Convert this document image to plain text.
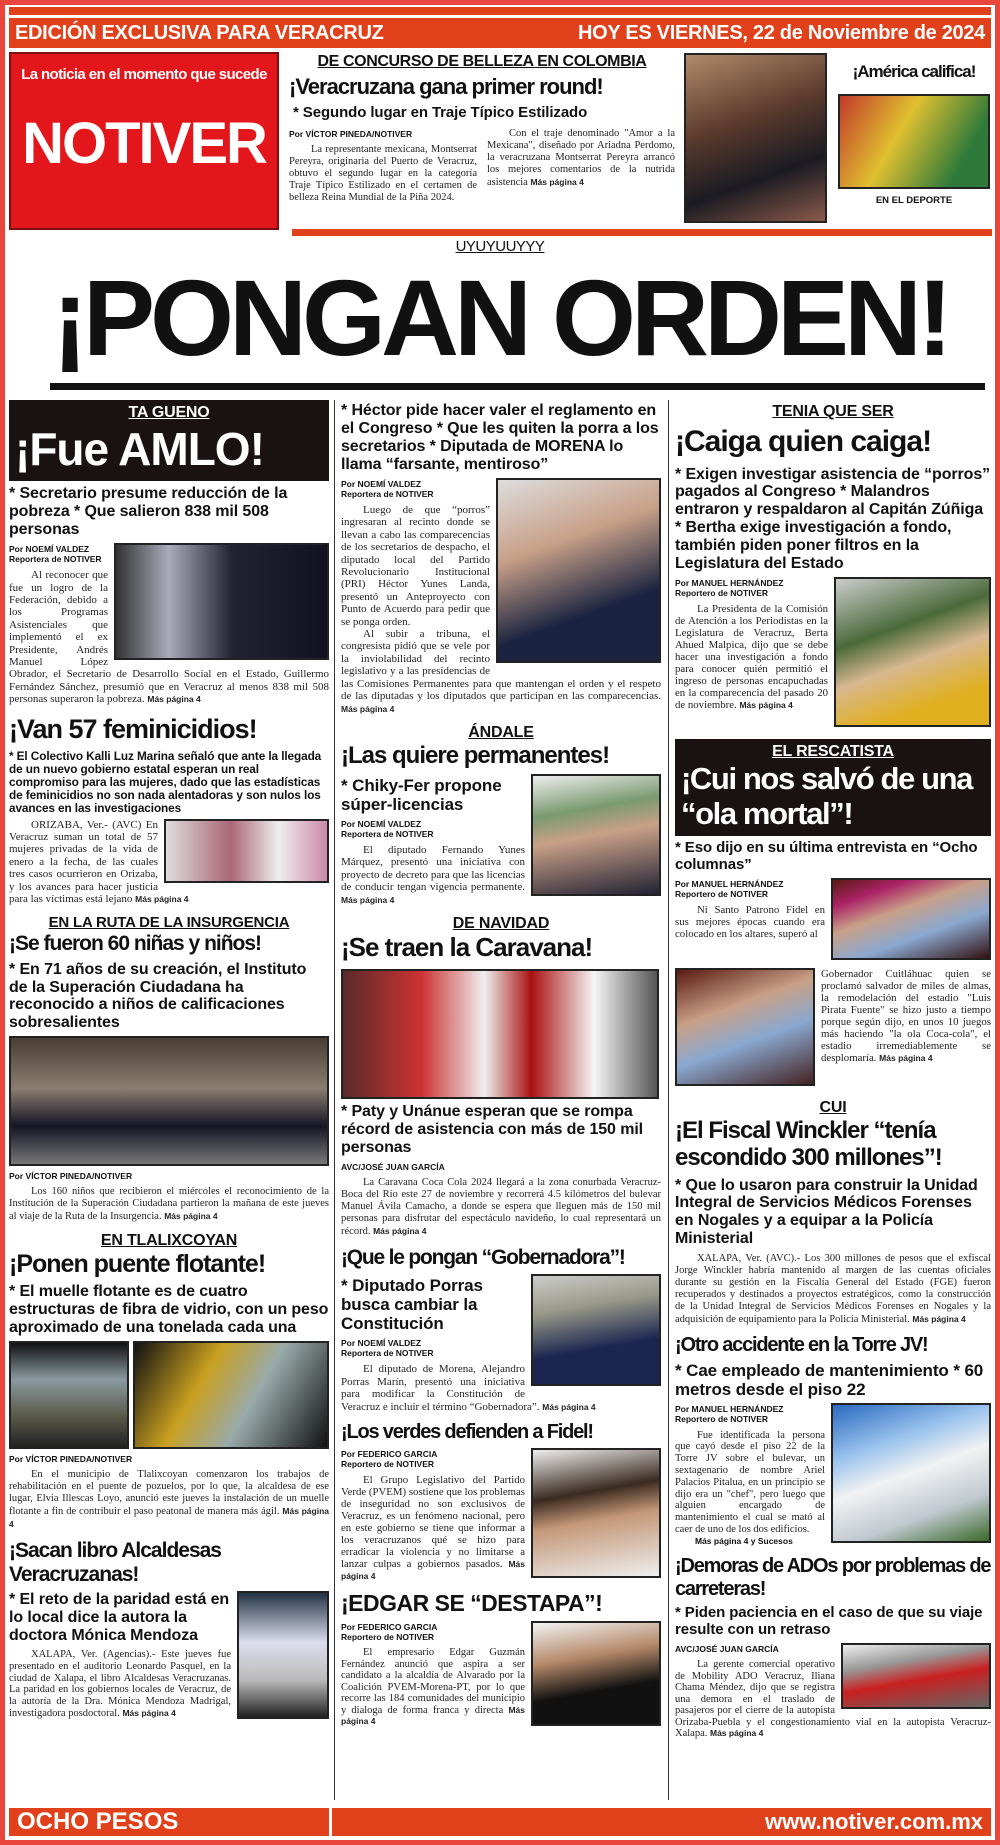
EDICIÓN EXCLUSIVA PARA VERACRUZ	HOY ES VIERNES, 22 de Noviembre de 2024
La noticia en el momento que sucede
NOTIVER
DE CONCURSO DE BELLEZA EN COLOMBIA
¡Veracruzana gana primer round!
* Segundo lugar en Traje Típico Estilizado
Por VÍCTOR PINEDA/NOTIVER

La representante mexicana, Montserrat Pereyra, originaria del Puerto de Veracruz, obtuvo el segundo lugar en la categoría Traje Típico Estilizado en el certamen de belleza Reina Mundial de la Piña 2024.

Con el traje denominado "Amor a la Mexicana", diseñado por Ariadna Perdomo, la veracruzana Montserrat Pereyra arrancó los mejores comentarios de la nutrida asistencia Más página 4

¡América califica!
EN EL DEPORTE
UYUYUUYYY
¡PONGAN ORDEN!
TA GUENO
¡Fue AMLO!
* Secretario presume reducción de la pobreza * Que salieron 838 mil 508 personas
Por NOEMÍ VALDEZ
Reportera de NOTIVER

Al reconocer que fue un logro de la Federación, debido a los Programas Asistenciales que implementó el ex Presidente, Andrés Manuel López Obrador, el Secretario de Desarrollo Social en el Estado, Guillermo Fernández Sánchez, presumió que en Veracruz al menos 838 mil 508 personas superaron la pobreza. Más página 4

¡Van 57 feminicidios!
* El Colectivo Kalli Luz Marina señaló que ante la llegada de un nuevo gobierno estatal esperan un real compromiso para las mujeres, dado que las estadísticas de feminicidios no son nada alentadoras y son nulos los avances en las investigaciones

ORIZABA, Ver.- (AVC) En Veracruz suman un total de 57 mujeres privadas de la vida de enero a la fecha, de las cuales tres casos ocurrieron en Orizaba, y los avances para hacer justicia para las víctimas está lejano Más página 4

EN LA RUTA DE LA INSURGENCIA
¡Se fueron 60 niñas y niños!
* En 71 años de su creación, el Instituto de la Superación Ciudadana ha reconocido a niños de calificaciones sobresalientes
Por VÍCTOR PINEDA/NOTIVER

Los 160 niños que recibieron el miércoles el reconocimiento de la Institución de la Superación Ciudadana partieron la mañana de este jueves al viaje de la Ruta de la Insurgencia. Más página 4

EN TLALIXCOYAN
¡Ponen puente flotante!
* El muelle flotante es de cuatro estructuras de fibra de vidrio, con un peso aproximado de una tonelada cada una
Por VÍCTOR PINEDA/NOTIVER

En el municipio de Tlalixcoyan comenzaron los trabajos de rehabilitación en el puente de pozuelos, por lo que, la alcaldesa de ese lugar, Elvia Illescas Loyo, anunció este jueves la instalación de un muelle flotante a fin de contribuir el paso peatonal de manera más ágil. Más página 4

¡Sacan libro Alcaldesas Veracruzanas!
* El reto de la paridad está en lo local dice la autora la doctora Mónica Mendoza

XALAPA, Ver. (Agencias).- Este jueves fue presentado en el auditorio Leonardo Pasquel, en la ciudad de Xalapa, el libro Alcaldesas Veracruzanas. La paridad en los gobiernos locales de Veracruz, de la autoría de la Dra. Mónica Mendoza Madrigal, investigadora posdoctoral. Más página 4

* Héctor pide hacer valer el reglamento en el Congreso * Que les quiten la porra a los secretarios * Diputada de MORENA lo llama “farsante, mentiroso”
Por NOEMÍ VALDEZ
Reportera de NOTIVER

Luego de que “porros” ingresaran al recinto donde se llevan a cabo las comparecencias de los secretarios de despacho, el diputado local del Partido Revolucionario Institucional (PRI) Héctor Yunes Landa, presentó un Anteproyecto con Punto de Acuerdo para pedir que se ponga orden.

Al subir a tribuna, el congresista pidió que se vele por la inviolabilidad del recinto legislativo y a las presidencias de las Comisiones Permanentes para que mantengan el orden y el respeto de las diputadas y los diputados que participan en las comparecencias. Más página 4

ÁNDALE
¡Las quiere permanentes!
* Chiky-Fer propone súper-licencias
Por NOEMÍ VALDEZ
Reportera de NOTIVER

El diputado Fernando Yunes Márquez, presentó una iniciativa con proyecto de decreto para que las licencias de conducir tengan vigencia permanente. Más página 4

DE NAVIDAD
¡Se traen la Caravana!
* Paty y Unánue esperan que se rompa récord de asistencia con más de 150 mil personas
AVC/JOSÉ JUAN GARCÍA

La Caravana Coca Cola 2024 llegará a la zona conurbada Veracruz-Boca del Río este 27 de noviembre y recorrerá 4.5 kilómetros del bulevar Manuel Ávila Camacho, a donde se espera que lleguen más de 150 mil personas para disfrutar del espectáculo navideño, lo cual representará un récord. Más página 4

¡Que le pongan “Gobernadora”!
* Diputado Porras busca cambiar la Constitución
Por NOEMÍ VALDEZ
Reportera de NOTIVER

El diputado de Morena, Alejandro Porras Marín, presentó una iniciativa para modificar la Constitución de Veracruz e incluir el término “Gobernadora”. Más página 4

¡Los verdes defienden a Fidel!
Por FEDERICO GARCIA
Reportero de NOTIVER

El Grupo Legislativo del Partido Verde (PVEM) sostiene que los problemas de inseguridad no son exclusivos de Veracruz, es un fenómeno nacional, pero en este gobierno se tiene que informar a los veracruzanos qué se hizo para erradicar la violencia y no limitarse a lanzar culpas a gobiernos pasados. Más página 4

¡EDGAR SE “DESTAPA”!
Por FEDERICO GARCIA
Reportero de NOTIVER

El empresario Edgar Guzmán Fernández anunció que aspira a ser candidato a la alcaldía de Alvarado por la Coalición PVEM-Morena-PT, por lo que recorre las 184 comunidades del municipio y dialoga de forma franca y directa Más página 4

TENIA QUE SER
¡Caiga quien caiga!
* Exigen investigar asistencia de “porros” pagados al Congreso * Malandros entraron y respaldaron al Capitán Zúñiga * Bertha exige investigación a fondo, también piden poner filtros en la Legislatura del Estado
Por MANUEL HERNÁNDEZ
Reportero de NOTIVER

La Presidenta de la Comisión de Atención a los Periodistas en la Legislatura de Veracruz, Berta Ahued Malpica, dijo que se debe hacer una investigación a fondo para conocer quién permitió el ingreso de personas encapuchadas en la comparecencia del pasado 20 de noviembre. Más página 4

EL RESCATISTA
¡Cui nos salvó de una “ola mortal”!
* Eso dijo en su última entrevista en “Ocho columnas”
Por MANUEL HERNÁNDEZ
Reportero de NOTIVER

Ni Santo Patrono Fidel en sus mejores épocas cuando era colocado en los altares, superó al

Gobernador Cuitláhuac quien se proclamó salvador de miles de almas, la remodelación del estadio "Luis Pirata Fuente" se hizo justo a tiempo porque según dijo, en unos 10 juegos más haciendo "la ola Coca-cola", el estadio irremediablemente se desplomaría. Más página 4

CUI
¡El Fiscal Winckler “tenía escondido 300 millones”!
* Que lo usaron para construir la Unidad Integral de Servicios Médicos Forenses en Nogales y a equipar a la Policía Ministerial

XALAPA, Ver. (AVC).- Los 300 millones de pesos que el exfiscal Jorge Winckler habría mantenido al margen de las cuentas oficiales durante su gestión en la Fiscalía General del Estado (FGE) fueron recuperados y destinados a proyectos estratégicos, como la construcción de la Unidad Integral de Servicios Médicos Forenses en Nogales y la adquisición de equipamiento para la Policía Ministerial. Más página 4

¡Otro accidente en la Torre JV!
* Cae empleado de mantenimiento * 60 metros desde el piso 22
Por MANUEL HERNÁNDEZ
Reportero de NOTIVER

Fue identificada la persona que cayó desde el piso 22 de la Torre JV sobre el bulevar, un sextagenario de nombre Ariel Palacios Pitalua, en un principio se dijo era un "chef", pero luego que alguien encargado de mantenimiento el cual se mató al caer de uno de los dos edificios.

Más página 4 y Sucesos
¡Demoras de ADOs por problemas de carreteras!
* Piden paciencia en el caso de que su viaje resulte con un retraso
AVC/JOSÉ JUAN GARCÍA

La gerente comercial operativo de Mobility ADO Veracruz, Iliana Chama Méndez, dijo que se registra una demora en el traslado de pasajeros por el cierre de la autopista Orizaba-Puebla y el congestionamiento vial en la autopista Veracruz-Xalapa. Más página 4

OCHO PESOS	www.notiver.com.mx
